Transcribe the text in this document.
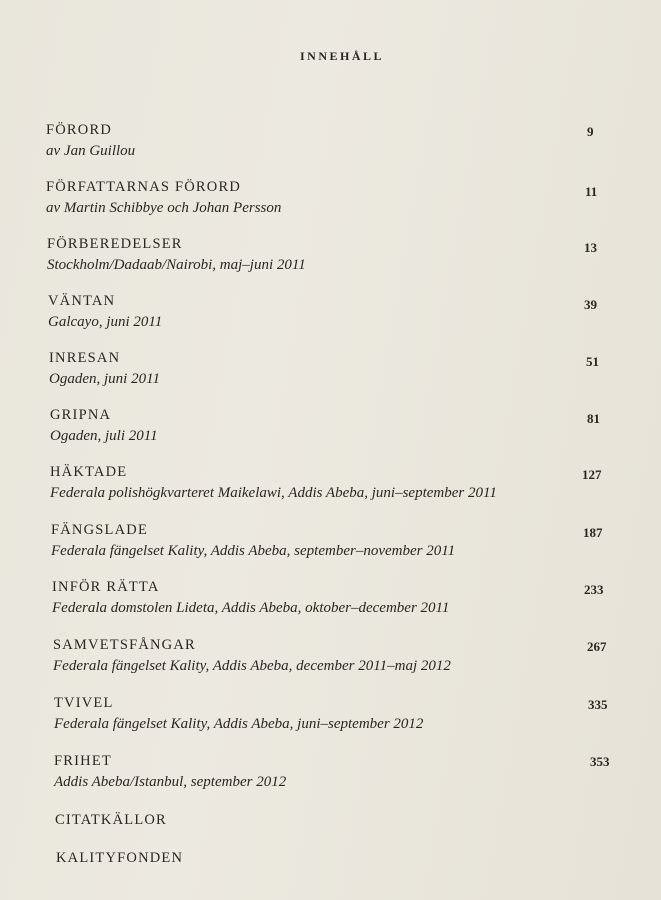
INNEHÅLL
FÖRORD
av Jan Guillou
9
FÖRFATTARNAS FÖRORD
av Martin Schibbye och Johan Persson
11
FÖRBEREDELSER
Stockholm/Dadaab/Nairobi, maj–juni 2011
13
VÄNTAN
Galcayo, juni 2011
39
INRESAN
Ogaden, juni 2011
51
GRIPNA
Ogaden, juli 2011
81
HÄKTADE
Federala polishögkvarteret Maikelawi, Addis Abeba, juni–september 2011
127
FÄNGSLADE
Federala fängelset Kality, Addis Abeba, september–november 2011
187
INFÖR RÄTTA
Federala domstolen Lideta, Addis Abeba, oktober–december 2011
233
SAMVETSFÅNGAR
Federala fängelset Kality, Addis Abeba, december 2011–maj 2012
267
TVIVEL
Federala fängelset Kality, Addis Abeba, juni–september 2012
335
FRIHET
Addis Abeba/Istanbul, september 2012
353
CITATKÄLLOR
KALITYFONDEN
